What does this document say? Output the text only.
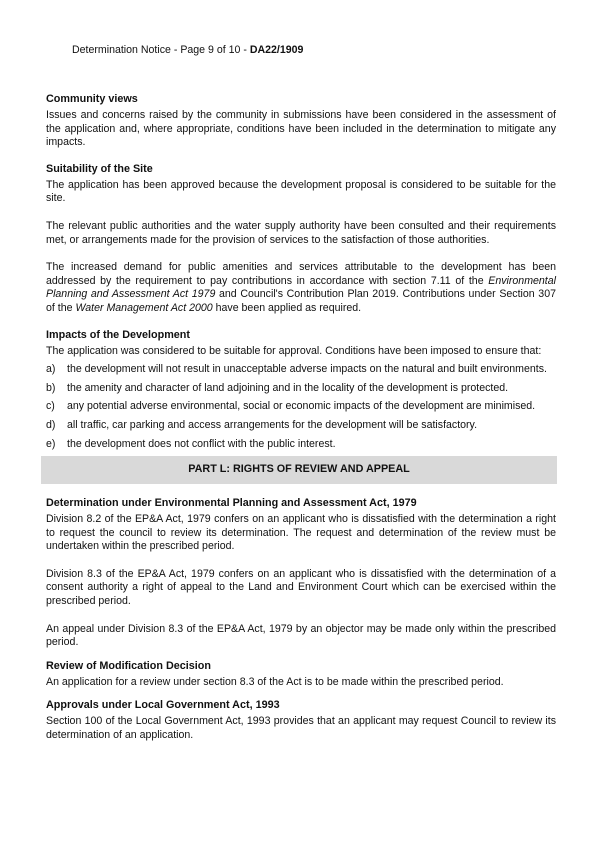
Determination Notice - Page 9 of 10 - DA22/1909
Community views

Issues and concerns raised by the community in submissions have been considered in the assessment of the application and, where appropriate, conditions have been included in the determination to mitigate any impacts.

Suitability of the Site

The application has been approved because the development proposal is considered to be suitable for the site.

The relevant public authorities and the water supply authority have been consulted and their requirements met, or arrangements made for the provision of services to the satisfaction of those authorities.

The increased demand for public amenities and services attributable to the development has been addressed by the requirement to pay contributions in accordance with section 7.11 of the Environmental Planning and Assessment Act 1979 and Council's Contribution Plan 2019. Contributions under Section 307 of the Water Management Act 2000 have been applied as required.

Impacts of the Development

The application was considered to be suitable for approval. Conditions have been imposed to ensure that:

a) the development will not result in unacceptable adverse impacts on the natural and built environments.
b) the amenity and character of land adjoining and in the locality of the development is protected.
c) any potential adverse environmental, social or economic impacts of the development are minimised.
d) all traffic, car parking and access arrangements for the development will be satisfactory.
e) the development does not conflict with the public interest.
PART L: RIGHTS OF REVIEW AND APPEAL
Determination under Environmental Planning and Assessment Act, 1979

Division 8.2 of the EP&A Act, 1979 confers on an applicant who is dissatisfied with the determination a right to request the council to review its determination. The request and determination of the review must be undertaken within the prescribed period.

Division 8.3 of the EP&A Act, 1979 confers on an applicant who is dissatisfied with the determination of a consent authority a right of appeal to the Land and Environment Court which can be exercised within the prescribed period.

An appeal under Division 8.3 of the EP&A Act, 1979 by an objector may be made only within the prescribed period.

Review of Modification Decision

An application for a review under section 8.3 of the Act is to be made within the prescribed period.

Approvals under Local Government Act, 1993

Section 100 of the Local Government Act, 1993 provides that an applicant may request Council to review its determination of an application.
